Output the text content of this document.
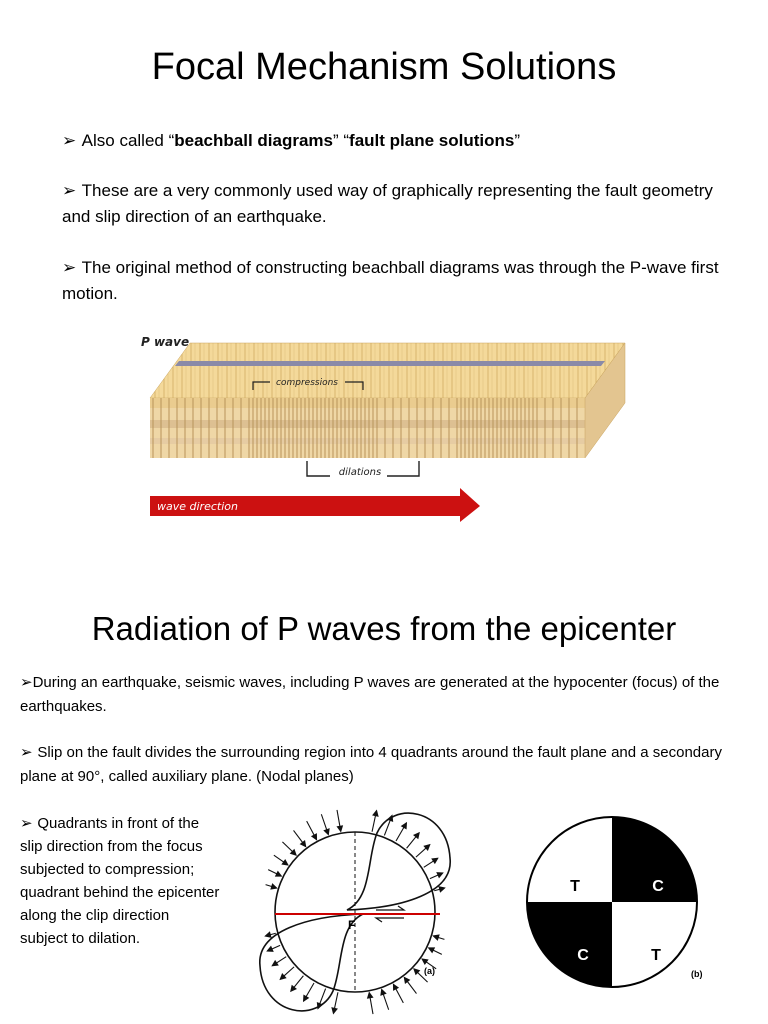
Focal Mechanism Solutions

➢ Also called “beachball diagrams” “fault plane solutions”

➢ These are a very commonly used way of graphically representing the fault geometry and slip direction of an earthquake.

➢ The original method of constructing beachball diagrams was through the P-wave first motion.

P wave
compressions
dilations
wave direction
Radiation of P waves from the epicenter

➢During an earthquake, seismic waves, including P waves are generated at the hypocenter (focus) of the earthquakes.

➢ Slip on the fault divides the surrounding region into 4 quadrants around the fault plane and a secondary plane at 90°, called auxiliary plane. (Nodal planes)

➢ Quadrants in front of the slip direction from the focus subjected to compression; quadrant behind the epicenter along the clip direction subject to dilation.

F
(a)
T	C
C	T
(b)
